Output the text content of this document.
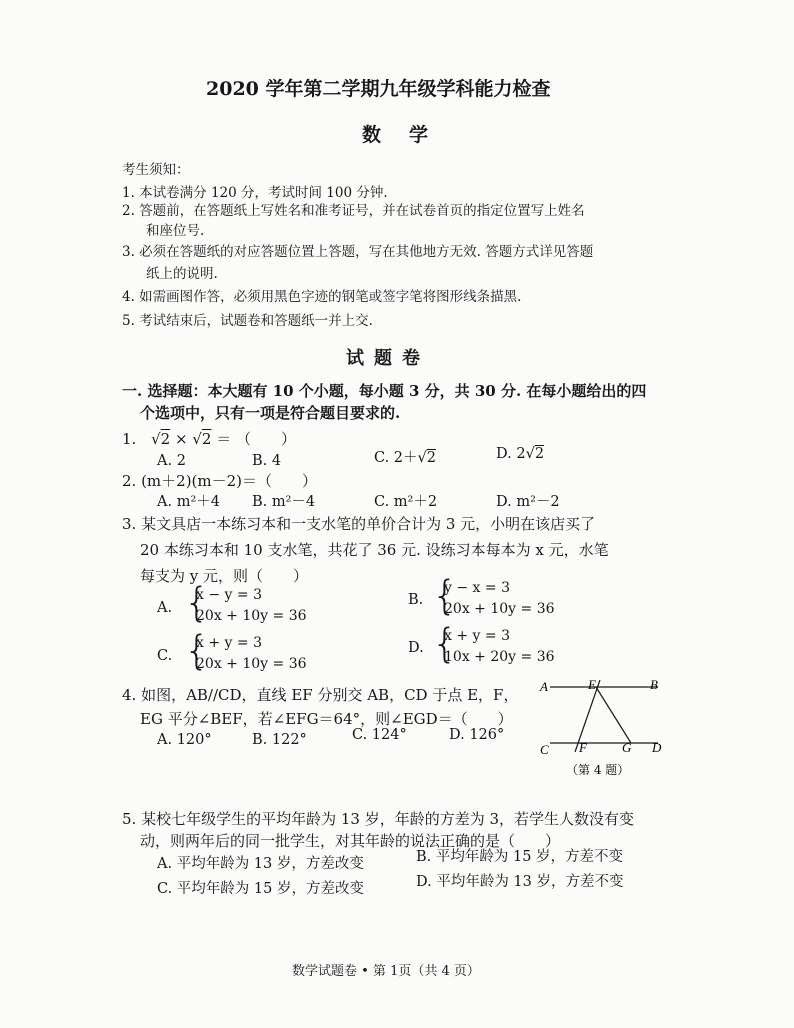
2020 学年第二学期九年级学科能力检查
数学
考生须知：
1. 本试卷满分 120 分，考试时间 100 分钟.
2. 答题前，在答题纸上写姓名和准考证号，并在试卷首页的指定位置写上姓名
和座位号.
3. 必须在答题纸的对应答题位置上答题，写在其他地方无效. 答题方式详见答题
纸上的说明.
4. 如需画图作答，必须用黑色字迹的钢笔或签字笔将图形线条描黑.
5. 考试结束后，试题卷和答题纸一并上交.
试题卷
一. 选择题：本大题有 10 个小题，每小题 3 分，共 30 分. 在每小题给出的四
个选项中，只有一项是符合题目要求的.
1. √2 × √2 ＝ （　　）
A. 2	B. 4	C. 2＋√2	D. 2√2
2. (m＋2)(m－2)＝（　　）
A. m²＋4 B. m²－4	C. m²＋2	D. m²－2
3. 某文具店一本练习本和一支水笔的单价合计为 3 元，小明在该店买了
20 本练习本和 10 支水笔，共花了 36 元. 设练习本每本为 x 元，水笔
每支为 y 元，则（　　）
A. {
x − y = 3
20x + 10y = 36
B. {
y − x = 3
20x + 10y = 36
C. {
x + y = 3
20x + 10y = 36
D. {
x + y = 3
10x + 20y = 36
4. 如图，AB//CD，直线 EF 分别交 AB，CD 于点 E，F，
EG 平分∠BEF，若∠EFG＝64°，则∠EGD＝（　　）
A. 120°	B. 122°	C. 124°	D. 126°
A	E	B
C F	G D
（第 4 题）
5. 某校七年级学生的平均年龄为 13 岁，年龄的方差为 3，若学生人数没有变
动，则两年后的同一批学生，对其年龄的说法正确的是（　　）
A. 平均年龄为 13 岁，方差改变	B. 平均年龄为 15 岁，方差不变
C. 平均年龄为 15 岁，方差改变	D. 平均年龄为 13 岁，方差不变
数学试题卷 • 第 1页（共 4 页）
